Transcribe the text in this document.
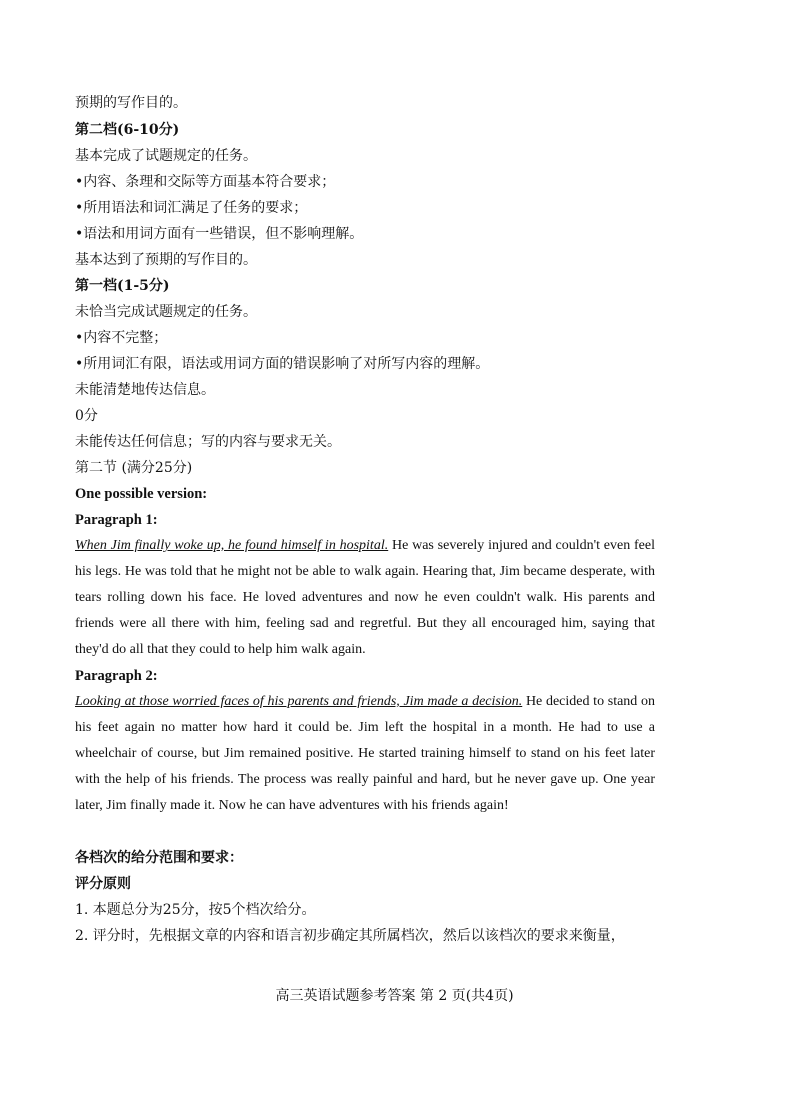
预期的写作目的。
第二档(6-10分)
基本完成了试题规定的任务。
•内容、条理和交际等方面基本符合要求；
•所用语法和词汇满足了任务的要求；
•语法和用词方面有一些错误，但不影响理解。
基本达到了预期的写作目的。
第一档(1-5分)
未恰当完成试题规定的任务。
•内容不完整；
•所用词汇有限，语法或用词方面的错误影响了对所写内容的理解。
未能清楚地传达信息。
0分
未能传达任何信息；写的内容与要求无关。
第二节 (满分25分)
One possible version:
Paragraph 1:
When Jim finally woke up, he found himself in hospital. He was severely injured and couldn't even feel his legs. He was told that he might not be able to walk again. Hearing that, Jim became desperate, with tears rolling down his face. He loved adventures and now he even couldn't walk. His parents and friends were all there with him, feeling sad and regretful. But they all encouraged him, saying that they'd do all that they could to help him walk again.
Paragraph 2:
Looking at those worried faces of his parents and friends, Jim made a decision. He decided to stand on his feet again no matter how hard it could be. Jim left the hospital in a month. He had to use a wheelchair of course, but Jim remained positive. He started training himself to stand on his feet later with the help of his friends. The process was really painful and hard, but he never gave up. One year later, Jim finally made it. Now he can have adventures with his friends again!
各档次的给分范围和要求：
评分原则
1. 本题总分为25分，按5个档次给分。
2. 评分时，先根据文章的内容和语言初步确定其所属档次，然后以该档次的要求来衡量，
高三英语试题参考答案 第 2 页(共4页)
